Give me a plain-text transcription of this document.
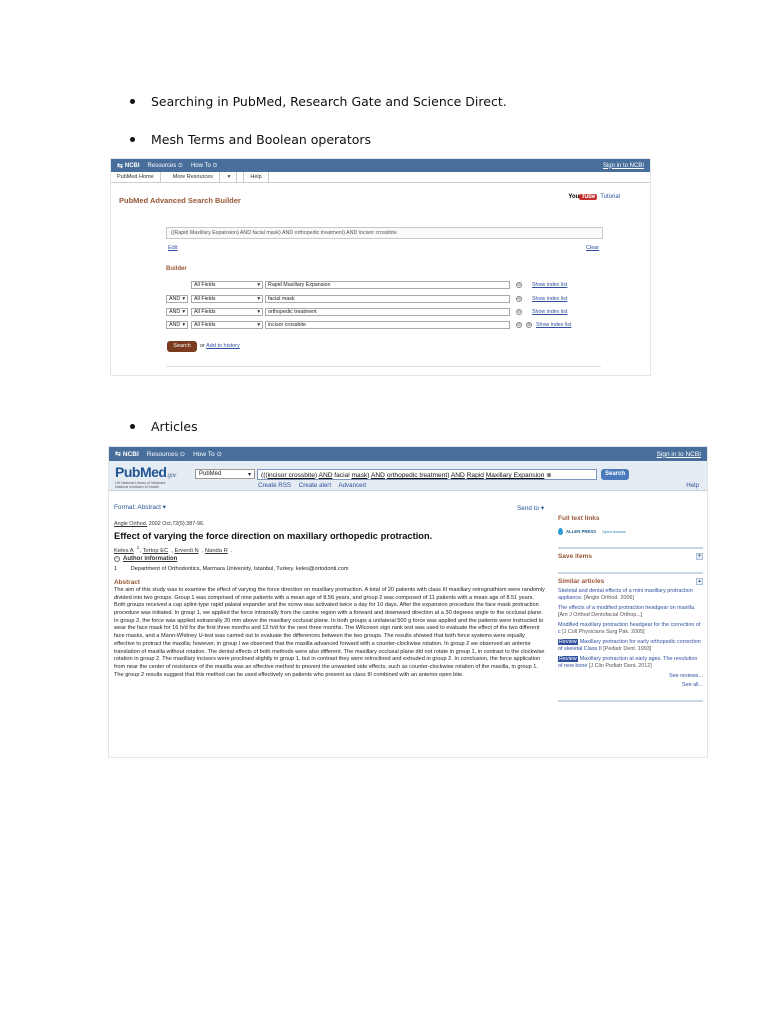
Searching in PubMed, Research Gate and Science Direct.
Mesh Terms and Boolean operators
Articles
⇆ NCBI Resources ⊙ How To ⊙	Sign in to NCBI
PubMed Home	More Resources	▾	Help
PubMed Advanced Search Builder	You Tube Tutorial
((Rapid Maxillary Expansion) AND facial mask) AND orthopedic treatment) AND incisor crossbite
Edit	Clear
Builder
All Fields	▾	Rapid Maxillary Expansion	⊖ Show index list
AND ▾ All Fields	▾	facial mask	⊖ Show index list
AND ▾ All Fields	▾	orthopedic treatment	⊖ Show index list
AND ▾ All Fields	▾	incisor crossbite	⊖ ⊕ Show index list
Search	or Add to history
⇆ NCBI Resources ⊙ How To ⊙	Sign in to NCBI
PubMed.gov
US National Library of Medicine
National Institutes of Health
PubMed	▾	(((incisor crossbite) AND facial mask) AND orthopedic treatment) AND Rapid Maxillary Expansion ⊗	Search
Create RSS Create alert Advanced	Help
Send to ▾
Format: Abstract ▾
Angle Orthod. 2002 Oct;72(5):387-96.
Effect of varying the force direction on maxillary orthopedic protraction.
Keles A $^1$, Tortop EC , Erverdi N , Nanda R .
− Author information
1 Department of Orthodontics, Marmara University, Istanbul, Turkey. keles@ortodonti.com
Abstract
The aim of this study was to examine the effect of varying the force direction on maxillary protraction. A total of 20 patients with class III maxillary retrognathism were randomly divided into two groups. Group 1 was comprised of nine patients with a mean age of 8.56 years, and group 2 was composed of 11 patients with a mean age of 8.51 years. Both groups received a cap splint-type rapid palatal expander and the screw was activated twice a day for 10 days. After the expansion procedure the face mask protraction procedure was initiated. In group 1, we applied the force intraorally from the canine region with a forward and downward direction at a 30 degrees angle to the occlusal plane. In group 2, the force was applied extraorally 20 mm above the maxillary occlusal plane. In both groups a unilateral 500 g force was applied and the patients were instructed to wear the face mask for 16 h/d for the first three months and 12 h/d for the next three months. The Wilcoxon sign rank test was used to evaluate the effect of the two different face masks, and a Mann-Whitney U-test was carried out to evaluate the differences between the two groups. The results showed that both force systems were equally effective to protract the maxilla; however, in group I we observed that the maxilla advanced forward with a counter-clockwise rotation. In group 2 we observed an anterior translation of maxilla without rotation. The dental effects of both methods were also different. The maxillary occlusal plane did not rotate in group 1, in contrast to the clockwise rotation in group 2. The maxillary incisors were proclined slightly in group 1, but in contrast they were retroclined and extruded in group 2. In conclusion, the force application from near the center of resistance of the maxilla was an effective method to prevent the unwanted side effects, such as counter-clockwise rotation of the maxilla, in group 1. The group 2 results suggest that this method can be used effectively on patients who present as class III combined with an anterior open bite.
Full text links
ALLEN PRESS Open Access
Save items	▾
Similar articles	▴
Skeletal and dental effects of a mini maxillary protraction appliance. [Angle Orthod. 2006]
The effects of a modified protraction headgear on maxilla. [Am J Orthod Dentofacial Orthop...]
Modified maxillary protraction headgear for the correction of c [J Coll Physicians Surg Pak. 2005]
Review Maxillary protraction for early orthopedic correction of skeletal Class II [Pediatr Dent. 1993]
Review Maxillary protraction at early ages. The revolution of new bone [J Clin Pediatr Dent. 2012]
See reviews...
See all...
